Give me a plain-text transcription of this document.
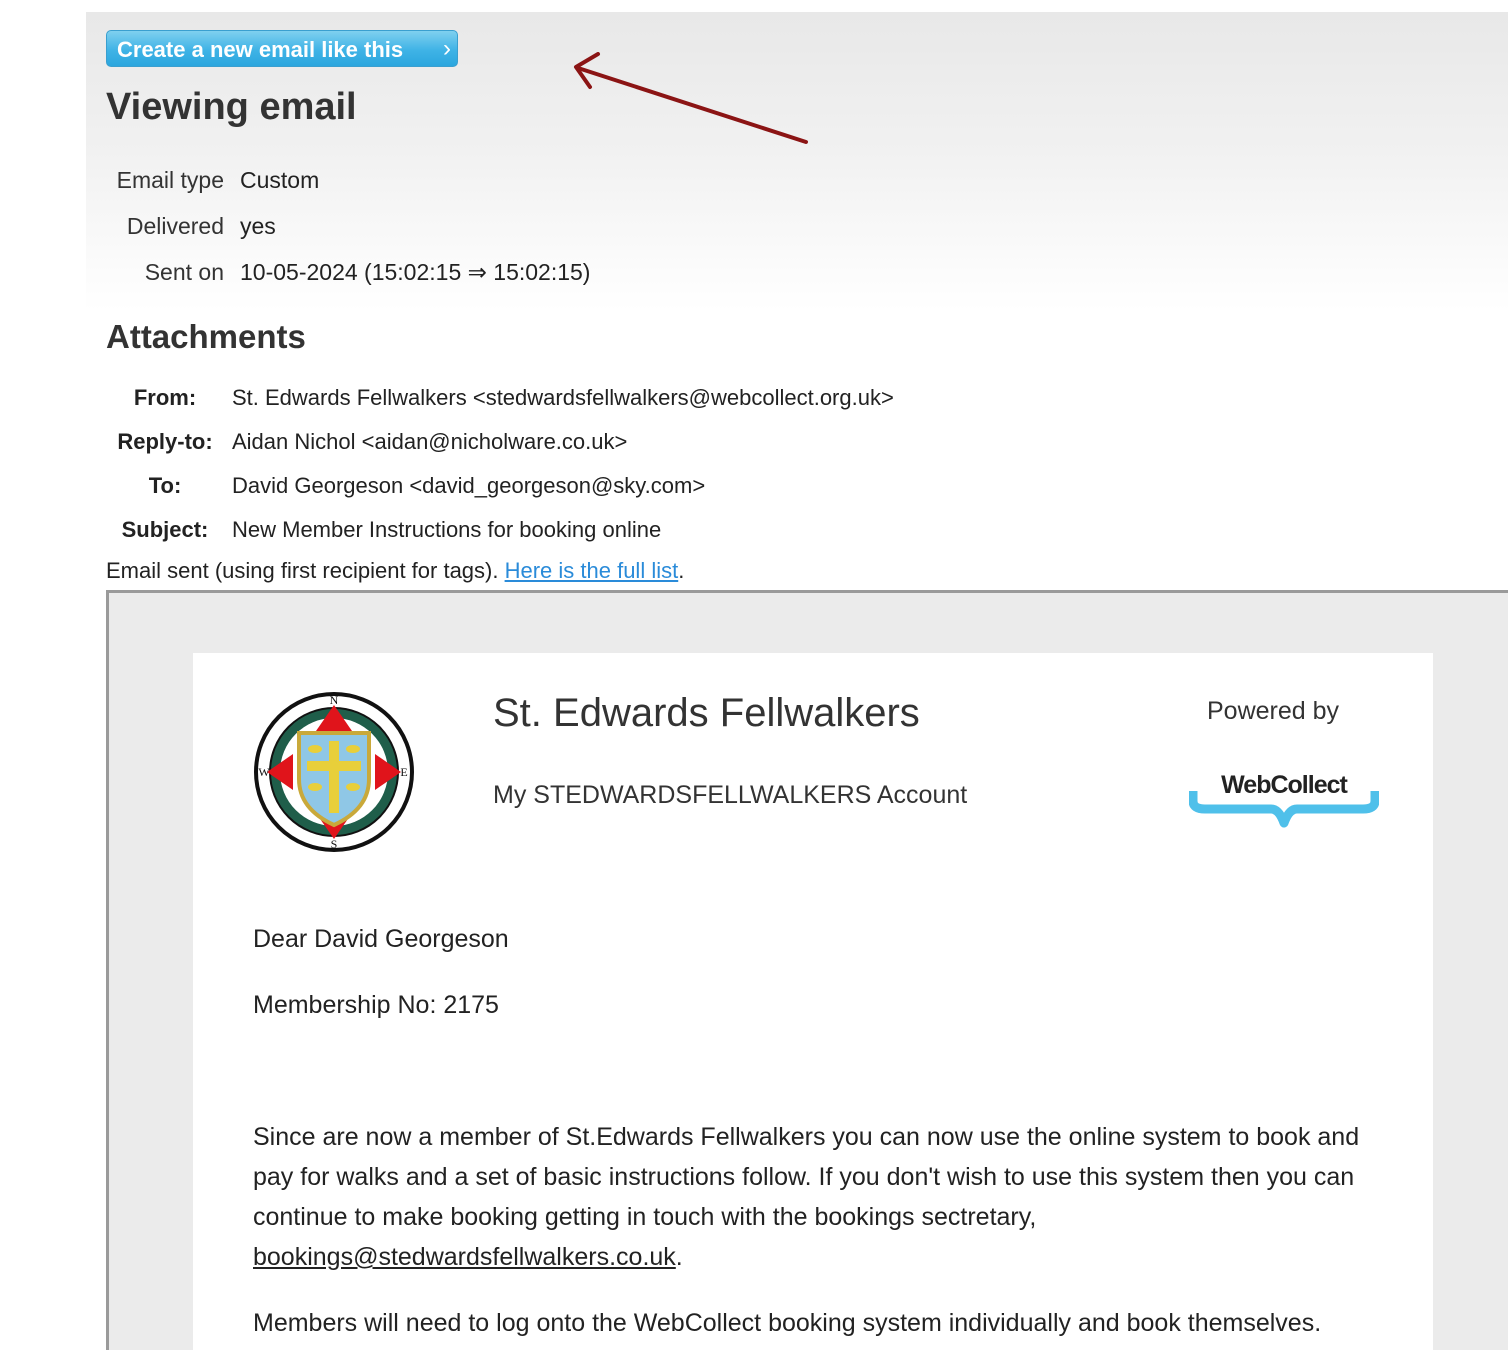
Create a new email like this ›
Viewing email
Email type Custom
Delivered yes
Sent on 10-05-2024 (15:02:15 ⇒ 15:02:15)
Attachments
From:	St. Edwards Fellwalkers <stedwardsfellwalkers@webcollect.org.uk>
Reply-to: Aidan Nichol <aidan@nicholware.co.uk>
To:	David Georgeson <david_georgeson@sky.com>
Subject:	New Member Instructions for booking online
Email sent (using first recipient for tags). Here is the full list.
N
S
W	E
St. Edwards Fellwalkers
My STEDWARDSFELLWALKERS Account
Powered by
WebCollect
Dear David Georgeson
Membership No: 2175
Since are now a member of St.Edwards Fellwalkers you can now use the online system to book and pay for walks and a set of basic instructions follow. If you don't wish to use this system then you can continue to make booking getting in touch with the bookings sectretary, bookings@stedwardsfellwalkers.co.uk.
Members will need to log onto the WebCollect booking system individually and book themselves.
